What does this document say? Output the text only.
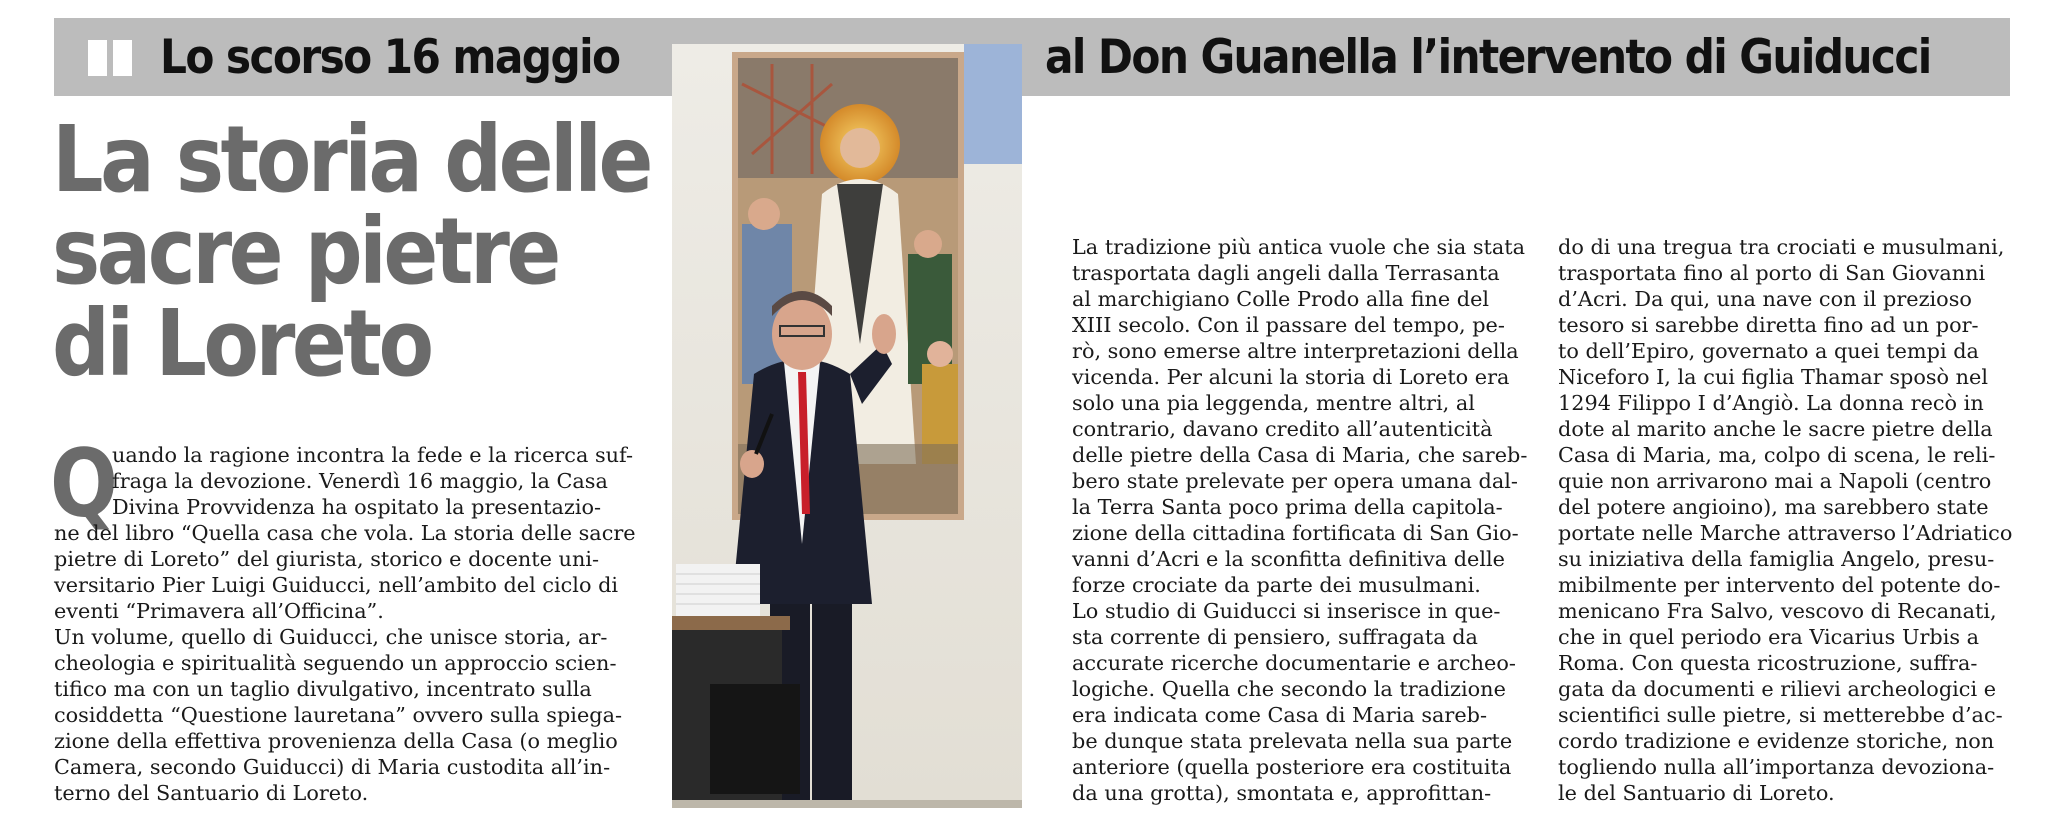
Lo scorso 16 maggio	al Don Guanella l’intervento di Guiducci
La storia delle
sacre pietre
di Loreto
Q
uando la ragione incontra la fede e la ricerca suf-
fraga la devozione. Venerdì 16 maggio, la Casa
Divina Provvidenza ha ospitato la presentazio-
ne del libro “Quella casa che vola. La storia delle sacre
pietre di Loreto” del giurista, storico e docente uni-
versitario Pier Luigi Guiducci, nell’ambito del ciclo di
eventi “Primavera all’Officina”.
Un volume, quello di Guiducci, che unisce storia, ar-
cheologia e spiritualità seguendo un approccio scien-
tifico ma con un taglio divulgativo, incentrato sulla
cosiddetta “Questione lauretana” ovvero sulla spiega-
zione della effettiva provenienza della Casa (o meglio
Camera, secondo Guiducci) di Maria custodita all’in-
terno del Santuario di Loreto.
La tradizione più antica vuole che sia stata
trasportata dagli angeli dalla Terrasanta
al marchigiano Colle Prodo alla fine del
XIII secolo. Con il passare del tempo, pe-
rò, sono emerse altre interpretazioni della
vicenda. Per alcuni la storia di Loreto era
solo una pia leggenda, mentre altri, al
contrario, davano credito all’autenticità
delle pietre della Casa di Maria, che sareb-
bero state prelevate per opera umana dal-
la Terra Santa poco prima della capitola-
zione della cittadina fortificata di San Gio-
vanni d’Acri e la sconfitta definitiva delle
forze crociate da parte dei musulmani.
Lo studio di Guiducci si inserisce in que-
sta corrente di pensiero, suffragata da
accurate ricerche documentarie e archeo-
logiche. Quella che secondo la tradizione
era indicata come Casa di Maria sareb-
be dunque stata prelevata nella sua parte
anteriore (quella posteriore era costituita
da una grotta), smontata e, approfittan-
do di una tregua tra crociati e musulmani,
trasportata fino al porto di San Giovanni
d’Acri. Da qui, una nave con il prezioso
tesoro si sarebbe diretta fino ad un por-
to dell’Epiro, governato a quei tempi da
Niceforo I, la cui figlia Thamar sposò nel
1294 Filippo I d’Angiò. La donna recò in
dote al marito anche le sacre pietre della
Casa di Maria, ma, colpo di scena, le reli-
quie non arrivarono mai a Napoli (centro
del potere angioino), ma sarebbero state
portate nelle Marche attraverso l’Adriatico
su iniziativa della famiglia Angelo, presu-
mibilmente per intervento del potente do-
menicano Fra Salvo, vescovo di Recanati,
che in quel periodo era Vicarius Urbis a
Roma. Con questa ricostruzione, suffra-
gata da documenti e rilievi archeologici e
scientifici sulle pietre, si metterebbe d’ac-
cordo tradizione e evidenze storiche, non
togliendo nulla all’importanza devoziona-
le del Santuario di Loreto.
